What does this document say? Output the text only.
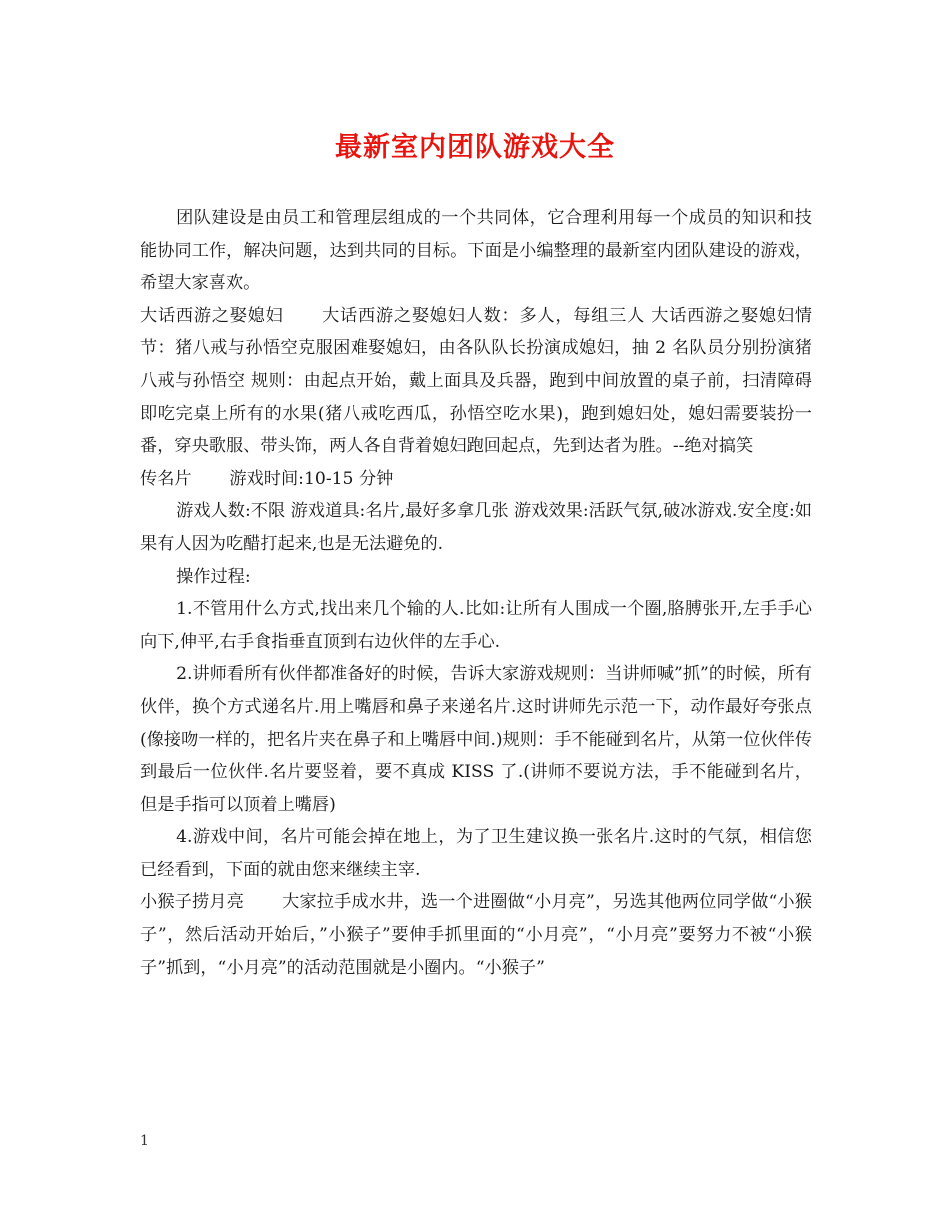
最新室内团队游戏大全

团队建设是由员工和管理层组成的一个共同体，它合理利用每一个成员的知识和技能协同工作，解决问题，达到共同的目标。下面是小编整理的最新室内团队建设的游戏，希望大家喜欢。

大话西游之娶媳妇 大话西游之娶媳妇人数：多人，每组三人 大话西游之娶媳妇情节：猪八戒与孙悟空克服困难娶媳妇，由各队队长扮演成媳妇，抽 2 名队员分别扮演猪八戒与孙悟空 规则：由起点开始，戴上面具及兵器，跑到中间放置的桌子前，扫清障碍即吃完桌上所有的水果(猪八戒吃西瓜，孙悟空吃水果)，跑到媳妇处，媳妇需要装扮一番，穿央歌服、带头饰，两人各自背着媳妇跑回起点，先到达者为胜。--绝对搞笑

传名片 游戏时间:10-15 分钟

游戏人数:不限 游戏道具:名片,最好多拿几张 游戏效果:活跃气氛,破冰游戏.安全度:如果有人因为吃醋打起来,也是无法避免的.

操作过程:

1.不管用什么方式,找出来几个输的人.比如:让所有人围成一个圈,胳膊张开,左手手心向下,伸平,右手食指垂直顶到右边伙伴的左手心.

2.讲师看所有伙伴都准备好的时候，告诉大家游戏规则：当讲师喊”抓”的时候，所有伙伴，换个方式递名片.用上嘴唇和鼻子来递名片.这时讲师先示范一下，动作最好夸张点(像接吻一样的，把名片夹在鼻子和上嘴唇中间.)规则：手不能碰到名片，从第一位伙伴传到最后一位伙伴.名片要竖着，要不真成 KISS 了.(讲师不要说方法，手不能碰到名片，但是手指可以顶着上嘴唇)

4.游戏中间，名片可能会掉在地上，为了卫生建议换一张名片.这时的气氛，相信您已经看到，下面的就由您来继续主宰.

小猴子捞月亮 大家拉手成水井，选一个进圈做“小月亮”，另选其他两位同学做“小猴子”，然后活动开始后，”小猴子”要伸手抓里面的“小月亮”，“小月亮”要努力不被“小猴子”抓到，“小月亮”的活动范围就是小圈内。“小猴子”

1
